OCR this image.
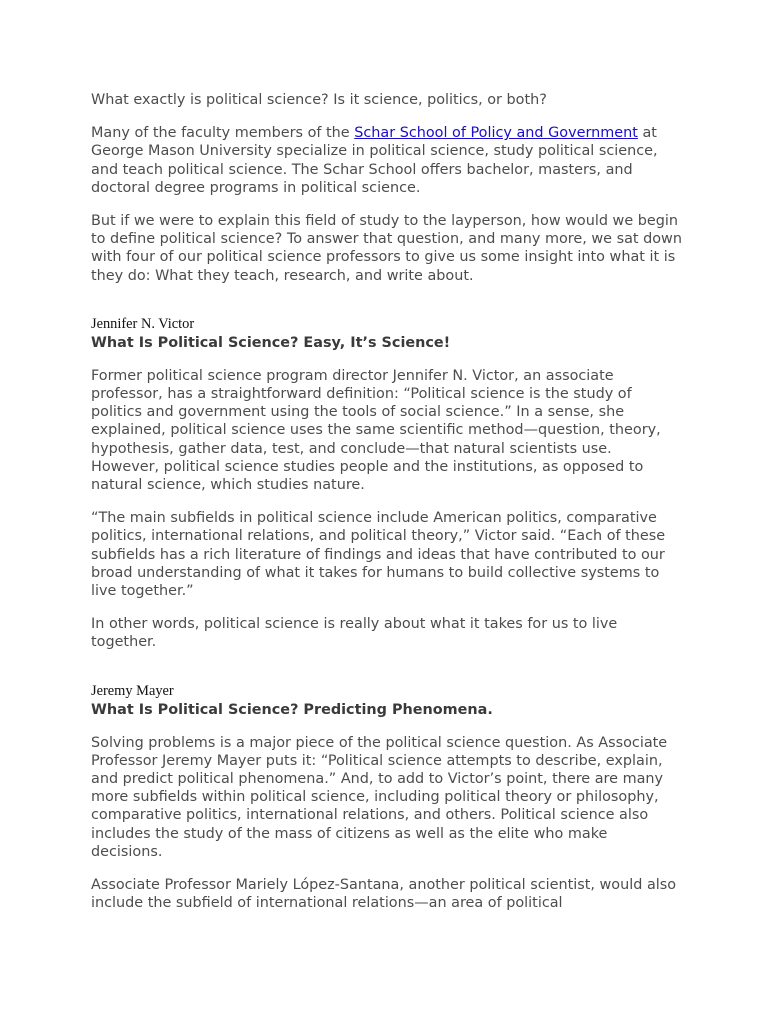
What exactly is political science? Is it science, politics, or both?

Many of the faculty members of the Schar School of Policy and Government at George Mason University specialize in political science, study political science, and teach political science. The Schar School offers bachelor, masters, and doctoral degree programs in political science.

But if we were to explain this field of study to the layperson, how would we begin to define political science? To answer that question, and many more, we sat down with four of our political science professors to give us some insight into what it is they do: What they teach, research, and write about.

Jennifer N. Victor
What Is Political Science? Easy, It’s Science!

Former political science program director Jennifer N. Victor, an associate professor, has a straightforward definition: “Political science is the study of politics and government using the tools of social science.” In a sense, she explained, political science uses the same scientific method—question, theory, hypothesis, gather data, test, and conclude—that natural scientists use. However, political science studies people and the institutions, as opposed to natural science, which studies nature.

“The main subfields in political science include American politics, comparative politics, international relations, and political theory,” Victor said. “Each of these subfields has a rich literature of findings and ideas that have contributed to our broad understanding of what it takes for humans to build collective systems to live together.”

In other words, political science is really about what it takes for us to live together.

Jeremy Mayer
What Is Political Science? Predicting Phenomena.

Solving problems is a major piece of the political science question. As Associate Professor Jeremy Mayer puts it: “Political science attempts to describe, explain, and predict political phenomena.” And, to add to Victor’s point, there are many more subfields within political science, including political theory or philosophy, comparative politics, international relations, and others. Political science also includes the study of the mass of citizens as well as the elite who make decisions.

Associate Professor Mariely López-Santana, another political scientist, would also include the subfield of international relations—an area of political
